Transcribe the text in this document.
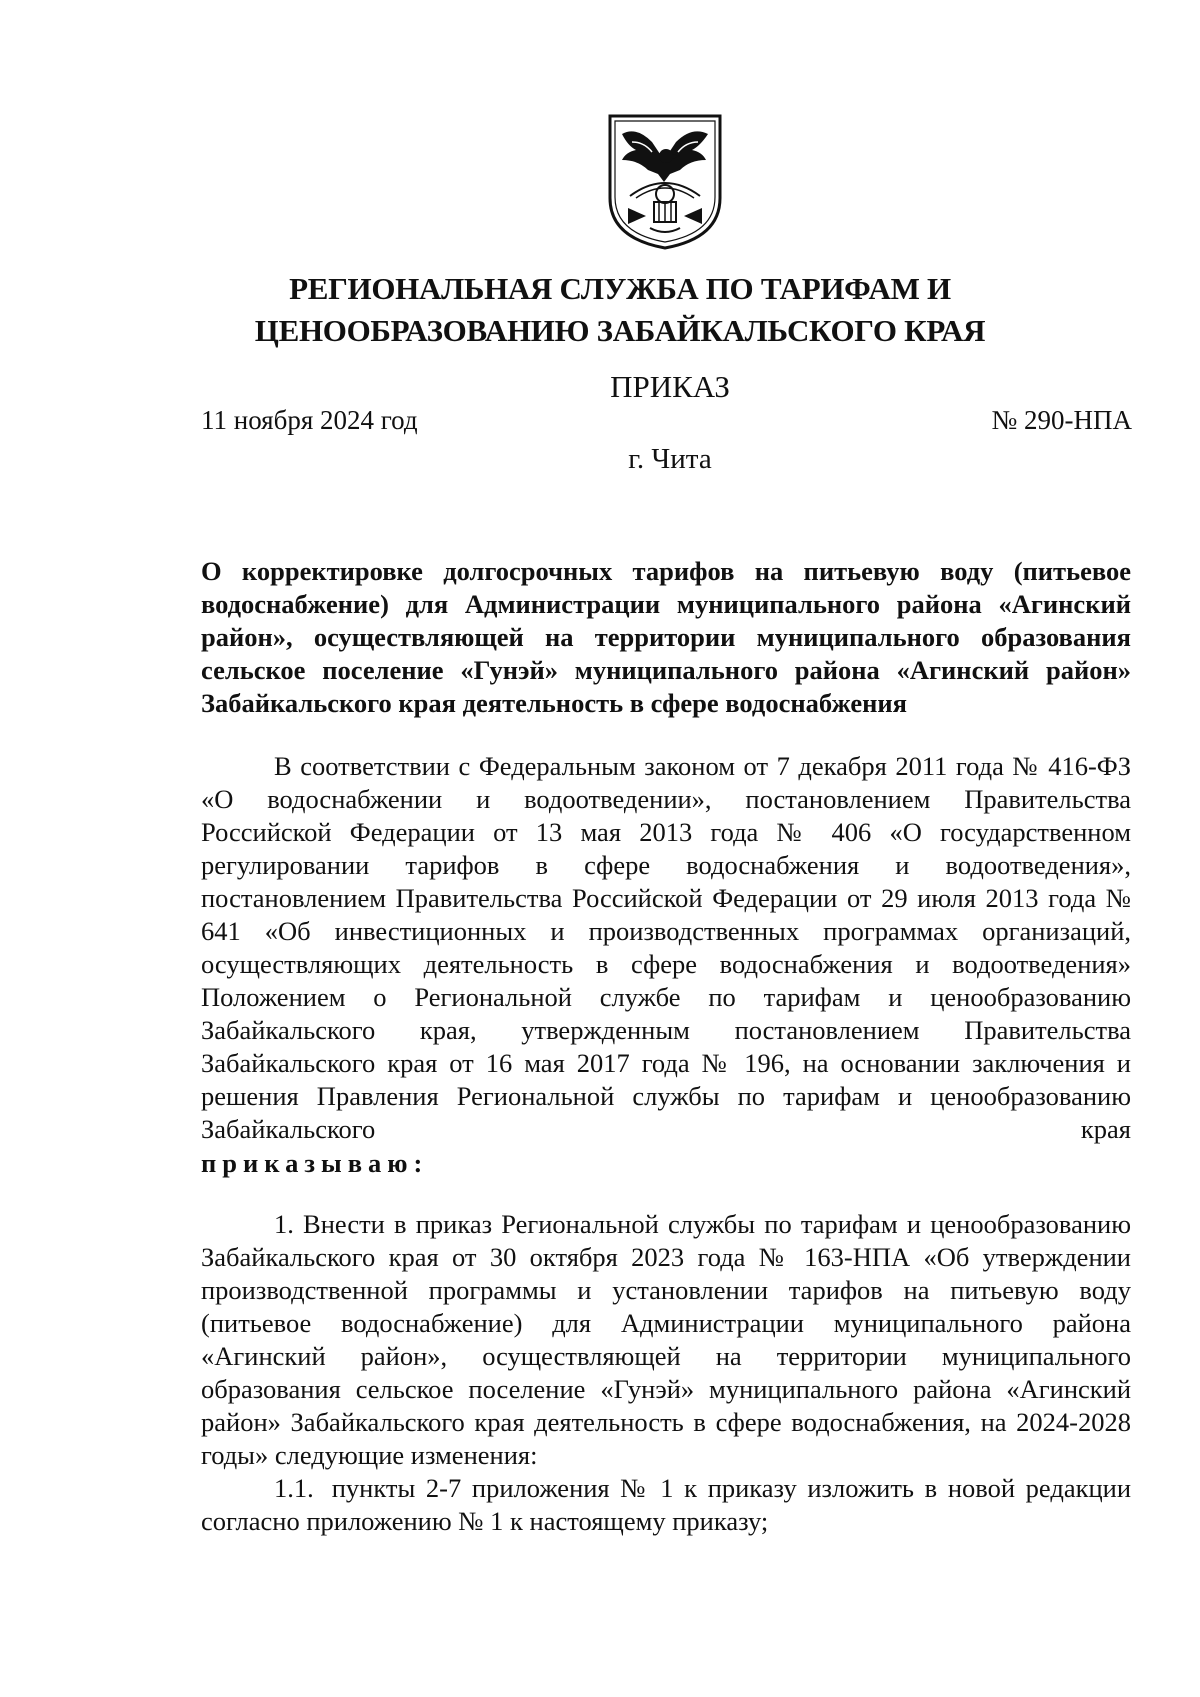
РЕГИОНАЛЬНАЯ СЛУЖБА ПО ТАРИФАМ И
ЦЕНООБРАЗОВАНИЮ ЗАБАЙКАЛЬСКОГО КРАЯ
ПРИКАЗ
11 ноября 2024 год	№ 290-НПА
г. Чита
О корректировке долгосрочных тарифов на питьевую воду (питьевое водоснабжение) для Администрации муниципального района «Агинский район», осуществляющей на территории муниципального образования сельское поселение «Гунэй» муниципального района «Агинский район» Забайкальского края деятельность в сфере водоснабжения
В соответствии с Федеральным законом от 7 декабря 2011 года № 416-ФЗ «О водоснабжении и водоотведении», постановлением Правительства Российской Федерации от 13 мая 2013 года № 406 «О государственном регулировании тарифов в сфере водоснабжения и водоотведения», постановлением Правительства Российской Федерации от 29 июля 2013 года № 641 «Об инвестиционных и производственных программах организаций, осуществляющих деятельность в сфере водоснабжения и водоотведения» Положением о Региональной службе по тарифам и ценообразованию Забайкальского края, утвержденным постановлением Правительства Забайкальского края от 16 мая 2017 года № 196, на основании заключения и решения Правления Региональной службы по тарифам и ценообразованию Забайкальского края
приказываю:
1. Внести в приказ Региональной службы по тарифам и ценообразованию Забайкальского края от 30 октября 2023 года № 163-НПА «Об утверждении производственной программы и установлении тарифов на питьевую воду (питьевое водоснабжение) для Администрации муниципального района «Агинский район», осуществляющей на территории муниципального образования сельское поселение «Гунэй» муниципального района «Агинский район» Забайкальского края деятельность в сфере водоснабжения, на 2024-2028 годы» следующие изменения:
1.1. пункты 2-7 приложения № 1 к приказу изложить в новой редакции согласно приложению № 1 к настоящему приказу;
